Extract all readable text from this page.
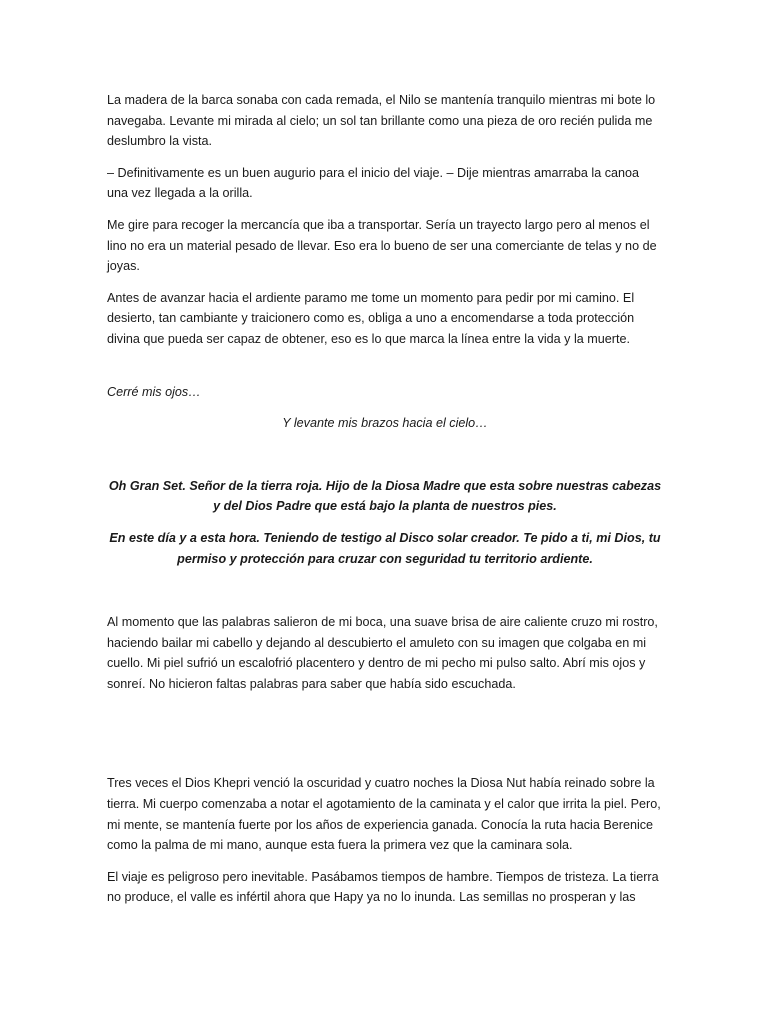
La madera de la barca sonaba con cada remada, el Nilo se mantenía tranquilo mientras mi bote lo navegaba. Levante mi mirada al cielo; un sol tan brillante como una pieza de oro recién pulida me deslumbro la vista.

– Definitivamente es un buen augurio para el inicio del viaje. – Dije mientras amarraba la canoa una vez llegada a la orilla.

Me gire para recoger la mercancía que iba a transportar. Sería un trayecto largo pero al menos el lino no era un material pesado de llevar. Eso era lo bueno de ser una comerciante de telas y no de joyas.

Antes de avanzar hacia el ardiente paramo me tome un momento para pedir por mi camino. El desierto, tan cambiante y traicionero como es, obliga a uno a encomendarse a toda protección divina que pueda ser capaz de obtener, eso es lo que marca la línea entre la vida y la muerte.

Cerré mis ojos…

Y levante mis brazos hacia el cielo…

Oh Gran Set. Señor de la tierra roja. Hijo de la Diosa Madre que esta sobre nuestras cabezas y del Dios Padre que está bajo la planta de nuestros pies.

En este día y a esta hora. Teniendo de testigo al Disco solar creador. Te pido a ti, mi Dios, tu permiso y protección para cruzar con seguridad tu territorio ardiente.

Al momento que las palabras salieron de mi boca, una suave brisa de aire caliente cruzo mi rostro, haciendo bailar mi cabello y dejando al descubierto el amuleto con su imagen que colgaba en mi cuello. Mi piel sufrió un escalofrió placentero y dentro de mi pecho mi pulso salto. Abrí mis ojos y sonreí. No hicieron faltas palabras para saber que había sido escuchada.

Tres veces el Dios Khepri venció la oscuridad y cuatro noches la Diosa Nut había reinado sobre la tierra. Mi cuerpo comenzaba a notar el agotamiento de la caminata y el calor que irrita la piel. Pero, mi mente, se mantenía fuerte por los años de experiencia ganada. Conocía la ruta hacia Berenice como la palma de mi mano, aunque esta fuera la primera vez que la caminara sola.

El viaje es peligroso pero inevitable. Pasábamos tiempos de hambre. Tiempos de tristeza. La tierra no produce, el valle es infértil ahora que Hapy ya no lo inunda. Las semillas no prosperan y las
